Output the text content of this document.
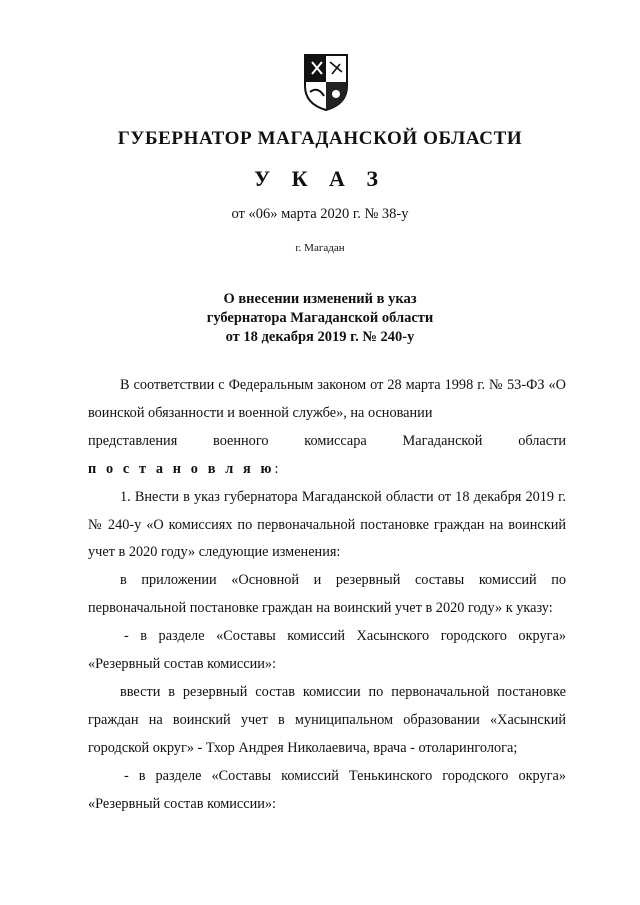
ГУБЕРНАТОР МАГАДАНСКОЙ ОБЛАСТИ
У К А З
от «06» марта 2020 г. № 38-у
г. Магадан
О внесении изменений в указ
губернатора Магаданской области
от 18 декабря 2019 г. № 240-у

В соответствии с Федеральным законом от 28 марта 1998 г. № 53-ФЗ «О воинской обязанности и военной службе», на основании

представления военного комиссара Магаданской области

п о с т а н о в л я ю:

1. Внести в указ губернатора Магаданской области от 18 декабря 2019 г. № 240-у «О комиссиях по первоначальной постановке граждан на воинский учет в 2020 году» следующие изменения:

в приложении «Основной и резервный составы комиссий по первоначальной постановке граждан на воинский учет в 2020 году» к указу:

- в разделе «Составы комиссий Хасынского городского округа» «Резервный состав комиссии»:

ввести в резервный состав комиссии по первоначальной постановке граждан на воинский учет в муниципальном образовании «Хасынский городской округ» - Тхор Андрея Николаевича, врача - отоларинголога;

- в разделе «Составы комиссий Тенькинского городского округа» «Резервный состав комиссии»:
